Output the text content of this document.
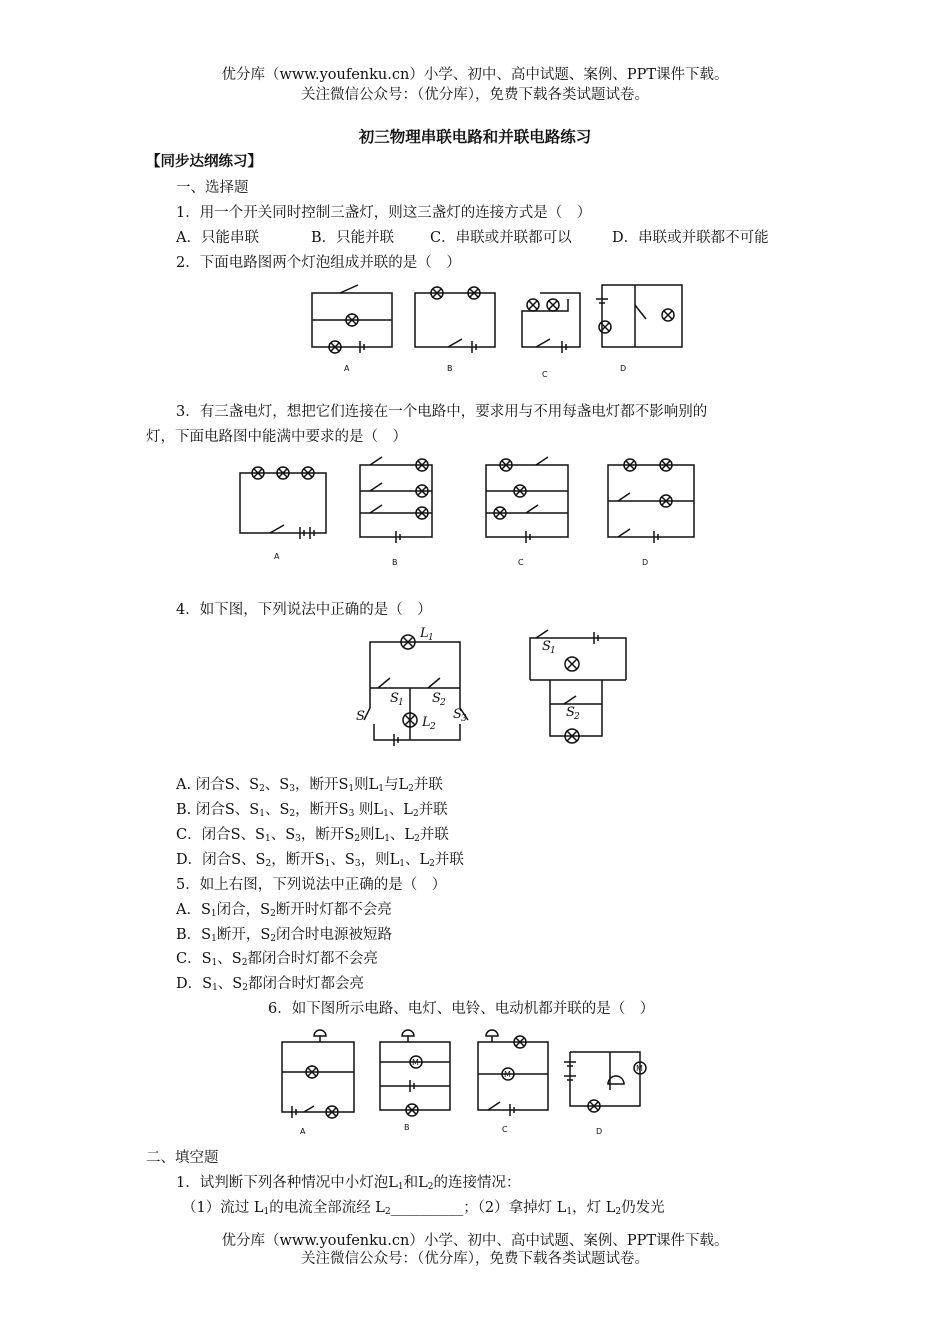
优分库（www.youfenku.cn）小学、初中、高中试题、案例、PPT课件下载。
关注微信公众号：（优分库），免费下载各类试题试卷。
初三物理串联电路和并联电路练习
【同步达纲练习】
一、选择题
1．用一个开关同时控制三盏灯，则这三盏灯的连接方式是（　）
A．只能串联	B．只能并联 C．串联或并联都可以	D．串联或并联都不可能
2．下面电路图两个灯泡组成并联的是（　）
A	B
C
D
3．有三盏电灯，想把它们连接在一个电路中，要求用与不用每盏电灯都不影响别的
灯，下面电路图中能满中要求的是（　）
A
B	C	D
4．如下图，下列说法中正确的是（　）
L 1
S 1 S 2
L 2
S	S 3
S 1
S 2
A. 闭合S、$S_2$、$S_3$，断开$S_1$则$L_1$与$L_2$并联
B. 闭合S、$S_1$、$S_2$，断开$S_3$ 则$L_1$、$L_2$并联
C．闭合S、$S_1$、$S_3$，断开$S_2$则$L_1$、$L_2$并联
D．闭合S、$S_2$，断开$S_1$、$S_3$，则$L_1$、$L_2$并联
5．如上右图，下列说法中正确的是（　）
A．$S_1$闭合，$S_2$断开时灯都不会亮
B．$S_1$断开，$S_2$闭合时电源被短路
C．$S_1$、$S_2$都闭合时灯都不会亮
D．$S_1$、$S_2$都闭合时灯都会亮
6．如下图所示电路、电灯、电铃、电动机都并联的是（　）
A
M
B
M
C
M
D
二、填空题
1．试判断下列各种情况中小灯泡$L_1$和$L_2$的连接情况：
（1）流过 $L_1$的电流全部流经 $L_2\_\_\_\_\_\_\_\_\_\_$；（2）拿掉灯 $L_1$，灯 $L_2$仍发光
优分库（www.youfenku.cn）小学、初中、高中试题、案例、PPT课件下载。
关注微信公众号：（优分库），免费下载各类试题试卷。
